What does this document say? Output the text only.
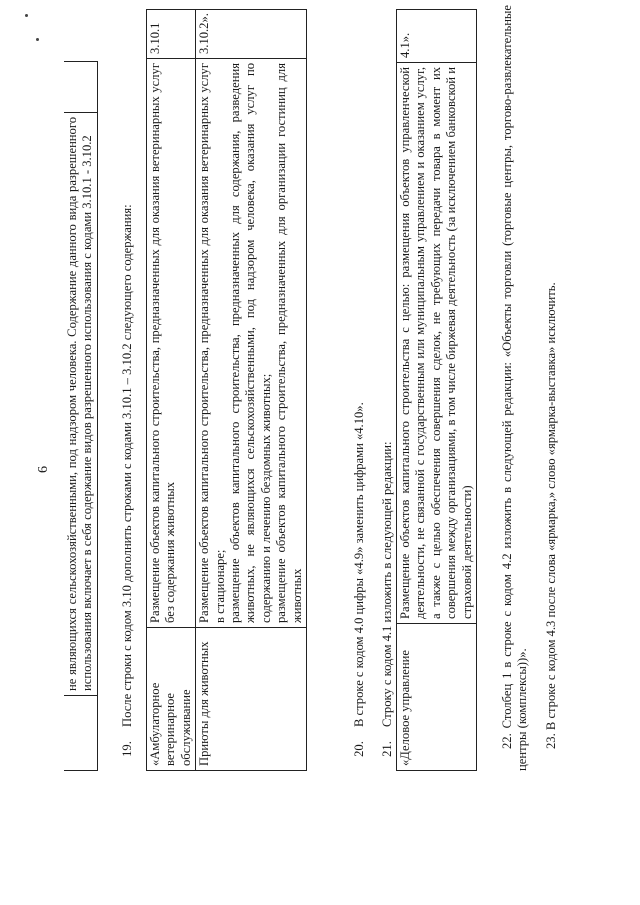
6
	не являющихся сельскохозяйственными, под надзором человека. Содержание данного вида разрешенного использования включает в себя содержание видов разрешенного использования с кодами 3.10.1 - 3.10.2	
19.После строки с кодом 3.10 дополнить строками с кодами 3.10.1 – 3.10.2 следующего содержания: «Амбулаторное ветеринарное обслуживание	Размещение объектов капитального строительства, предназначенных для оказания ветеринарных услуг без содержания животных	3.10.1
Приюты для животных	Размещение объектов капитального строительства, предназначенных для оказания ветеринарных услуг в стационаре; размещение объектов капитального строительства, предназначенных для содержания, разведения животных, не являющихся сельскохозяйственными, под надзором человека, оказания услуг по содержанию и лечению бездомных животных; размещение объектов капитального строительства, предназначенных для организации гостиниц для животных	3.10.2».
20.В строке с кодом 4.0 цифры «4.9» заменить цифрами «4.10».
21.Строку с кодом 4.1 изложить в следующей редакции: «Деловое управление	Размещение объектов капитального строительства с целью: размещения объектов управленческой деятельности, не связанной с государственным или муниципальным управлением и оказанием услуг, а также с целью обеспечения совершения сделок, не требующих передачи товара в момент их совершения между организациями, в том числе биржевая деятельность (за исключением банковской и страховой деятельности)	4.1».	22. Столбец 1 в строке с кодом 4.2 изложить в следующей редакции: «Объекты торговли (торговые центры, торгово-развлекательные центры (комплексы))». 23. В строке с кодом 4.3 после слова «ярмарка,» слово «ярмарка-выставка» исключить.
